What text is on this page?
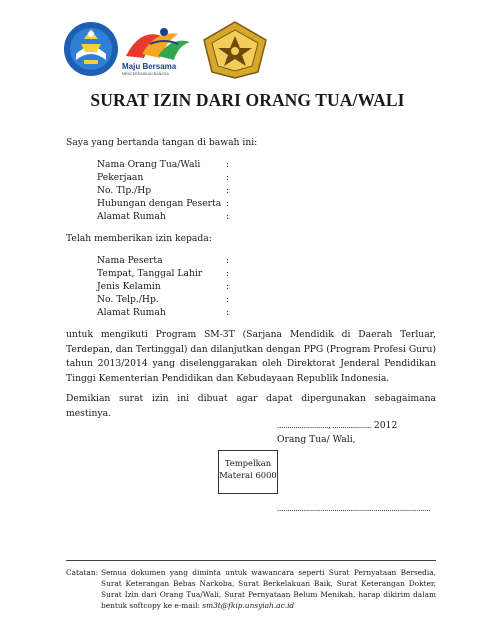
Maju Bersama
MENCERDASKAN BANGSA
SURAT IZIN DARI ORANG TUA/WALI
Saya yang bertanda tangan di bawah ini:
Nama Orang Tua/Wali	:
Pekerjaan	:
No. Tlp./Hp	:
Hubungan dengan Peserta :
Alamat Rumah	:
Telah memberikan izin kepada:
Nama Peserta	:
Tempat, Tanggal Lahir	:
Jenis Kelamin	:
No. Telp./Hp.	:
Alamat Rumah	:
untuk mengikuti Program SM-3T (Sarjana Mendidik di Daerah Terluar, Terdepan, dan Tertinggal) dan dilanjutkan dengan PPG (Program Profesi Guru) tahun 2013/2014 yang diselenggarakan oleh Direktorat Jenderal Pendidikan Tinggi Kementerian Pendidikan dan Kebudayaan Republik Indonesia.
Demikian surat izin ini dibuat agar dapat dipergunakan sebagaimana mestinya.
........................., ................... 2012
Orang Tua/ Wali,
Tempelkan
Materai 6000
...........................................................................
Catatan: Semua dokumen yang diminta untuk wawancara seperti Surat Pernyataan Bersedia, Surat Keterangan Bebas Narkoba, Surat Berkelakuan Baik, Surat Keterangan Dokter, Surat Izin dari Orang Tua/Wali, Surat Pernyataan Belum Menikah, harap dikirim dalam bentuk softcopy ke e-mail: sm3t@fkip.unsyiah.ac.id
